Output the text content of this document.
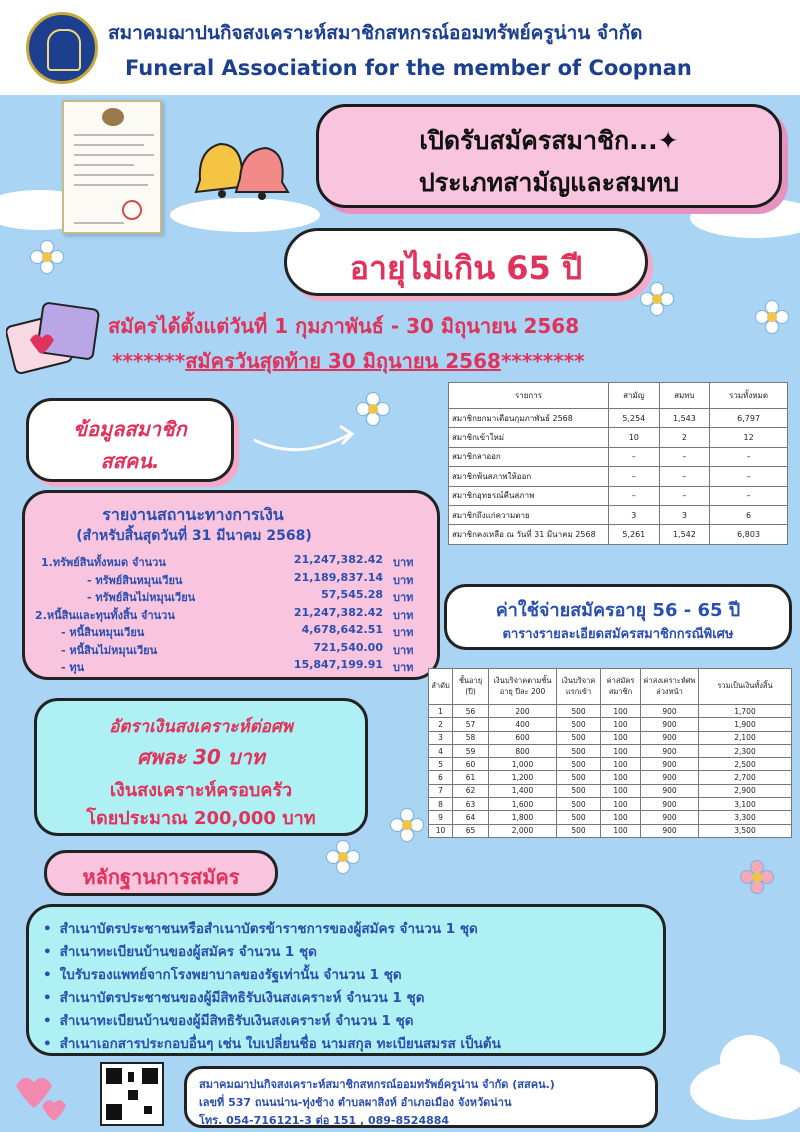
สมาคมฌาปนกิจสงเคราะห์สมาชิกสหกรณ์ออมทรัพย์ครูน่าน จำกัด
Funeral Association for the member of Coopnan
เปิดรับสมัครสมาชิก...✦
ประเภทสามัญและสมทบ
อายุไม่เกิน 65 ปี
สมัครได้ตั้งแต่วันที่ 1 กุมภาพันธ์ - 30 มิถุนายน 2568
*******สมัครวันสุดท้าย 30 มิถุนายน 2568********
ข้อมูลสมาชิก
สสคน.
รายการ	สามัญ	สมทบ	รวมทั้งหมด
สมาชิกยกมาเดือนกุมภาพันธ์ 2568	5,254	1,543	6,797
สมาชิกเข้าใหม่	10	2	12
สมาชิกลาออก	–	–	–
สมาชิกพ้นสภาพให้ออก	–	–	–
สมาชิกอุทธรณ์คืนสภาพ	–	–	–
สมาชิกถึงแก่ความตาย	3	3	6
สมาชิกคงเหลือ ณ วันที่ 31 มีนาคม 2568	5,261	1,542	6,803
รายงานสถานะทางการเงิน
(สำหรับสิ้นสุดวันที่ 31 มีนาคม 2568)
1.ทรัพย์สินทั้งหมด จำนวน	21,247,382.42 บาท
- ทรัพย์สินหมุนเวียน	21,189,837.14 บาท
- ทรัพย์สินไม่หมุนเวียน	57,545.28 บาท
2.หนี้สินและทุนทั้งสิ้น จำนวน	21,247,382.42 บาท
- หนี้สินหมุนเวียน	4,678,642.51 บาท
- หนี้สินไม่หมุนเวียน	721,540.00 บาท
- ทุน	15,847,199.91 บาท
ค่าใช้จ่ายสมัครอายุ 56 - 65 ปี
ตารางรายละเอียดสมัครสมาชิกกรณีพิเศษ
ลำดับ	ชั้นอายุ (ปี)	เงินบริจาคตามชั้นอายุ ปีละ 200	เงินบริจาคแรกเข้า	ค่าสมัครสมาชิก	ค่าสงเคราะห์ศพล่วงหน้า	รวมเป็นเงินทั้งสิ้น
1	56	200	500	100	900	1,700
2	57	400	500	100	900	1,900
3	58	600	500	100	900	2,100
4	59	800	500	100	900	2,300
5	60	1,000	500	100	900	2,500
6	61	1,200	500	100	900	2,700
7	62	1,400	500	100	900	2,900
8	63	1,600	500	100	900	3,100
9	64	1,800	500	100	900	3,300
10	65	2,000	500	100	900	3,500
อัตราเงินสงเคราะห์ต่อศพ
ศพละ 30 บาท
เงินสงเคราะห์ครอบครัว
โดยประมาณ 200,000 บาท
หลักฐานการสมัคร
• สำเนาบัตรประชาชนหรือสำเนาบัตรข้าราชการของผู้สมัคร จำนวน 1 ชุด
• สำเนาทะเบียนบ้านของผู้สมัคร จำนวน 1 ชุด
• ใบรับรองแพทย์จากโรงพยาบาลของรัฐเท่านั้น จำนวน 1 ชุด
• สำเนาบัตรประชาชนของผู้มีสิทธิรับเงินสงเคราะห์ จำนวน 1 ชุด
• สำเนาทะเบียนบ้านของผู้มีสิทธิรับเงินสงเคราะห์ จำนวน 1 ชุด
• สำเนาเอกสารประกอบอื่นๆ เช่น ใบเปลี่ยนชื่อ นามสกุล ทะเบียนสมรส เป็นต้น
สมาคมฌาปนกิจสงเคราะห์สมาชิกสหกรณ์ออมทรัพย์ครูน่าน จำกัด (สสคน.)
เลขที่ 537 ถนนน่าน-ทุ่งช้าง ตำบลผาสิงห์ อำเภอเมือง จังหวัดน่าน
โทร. 054-716121-3 ต่อ 151 , 089-8524884
